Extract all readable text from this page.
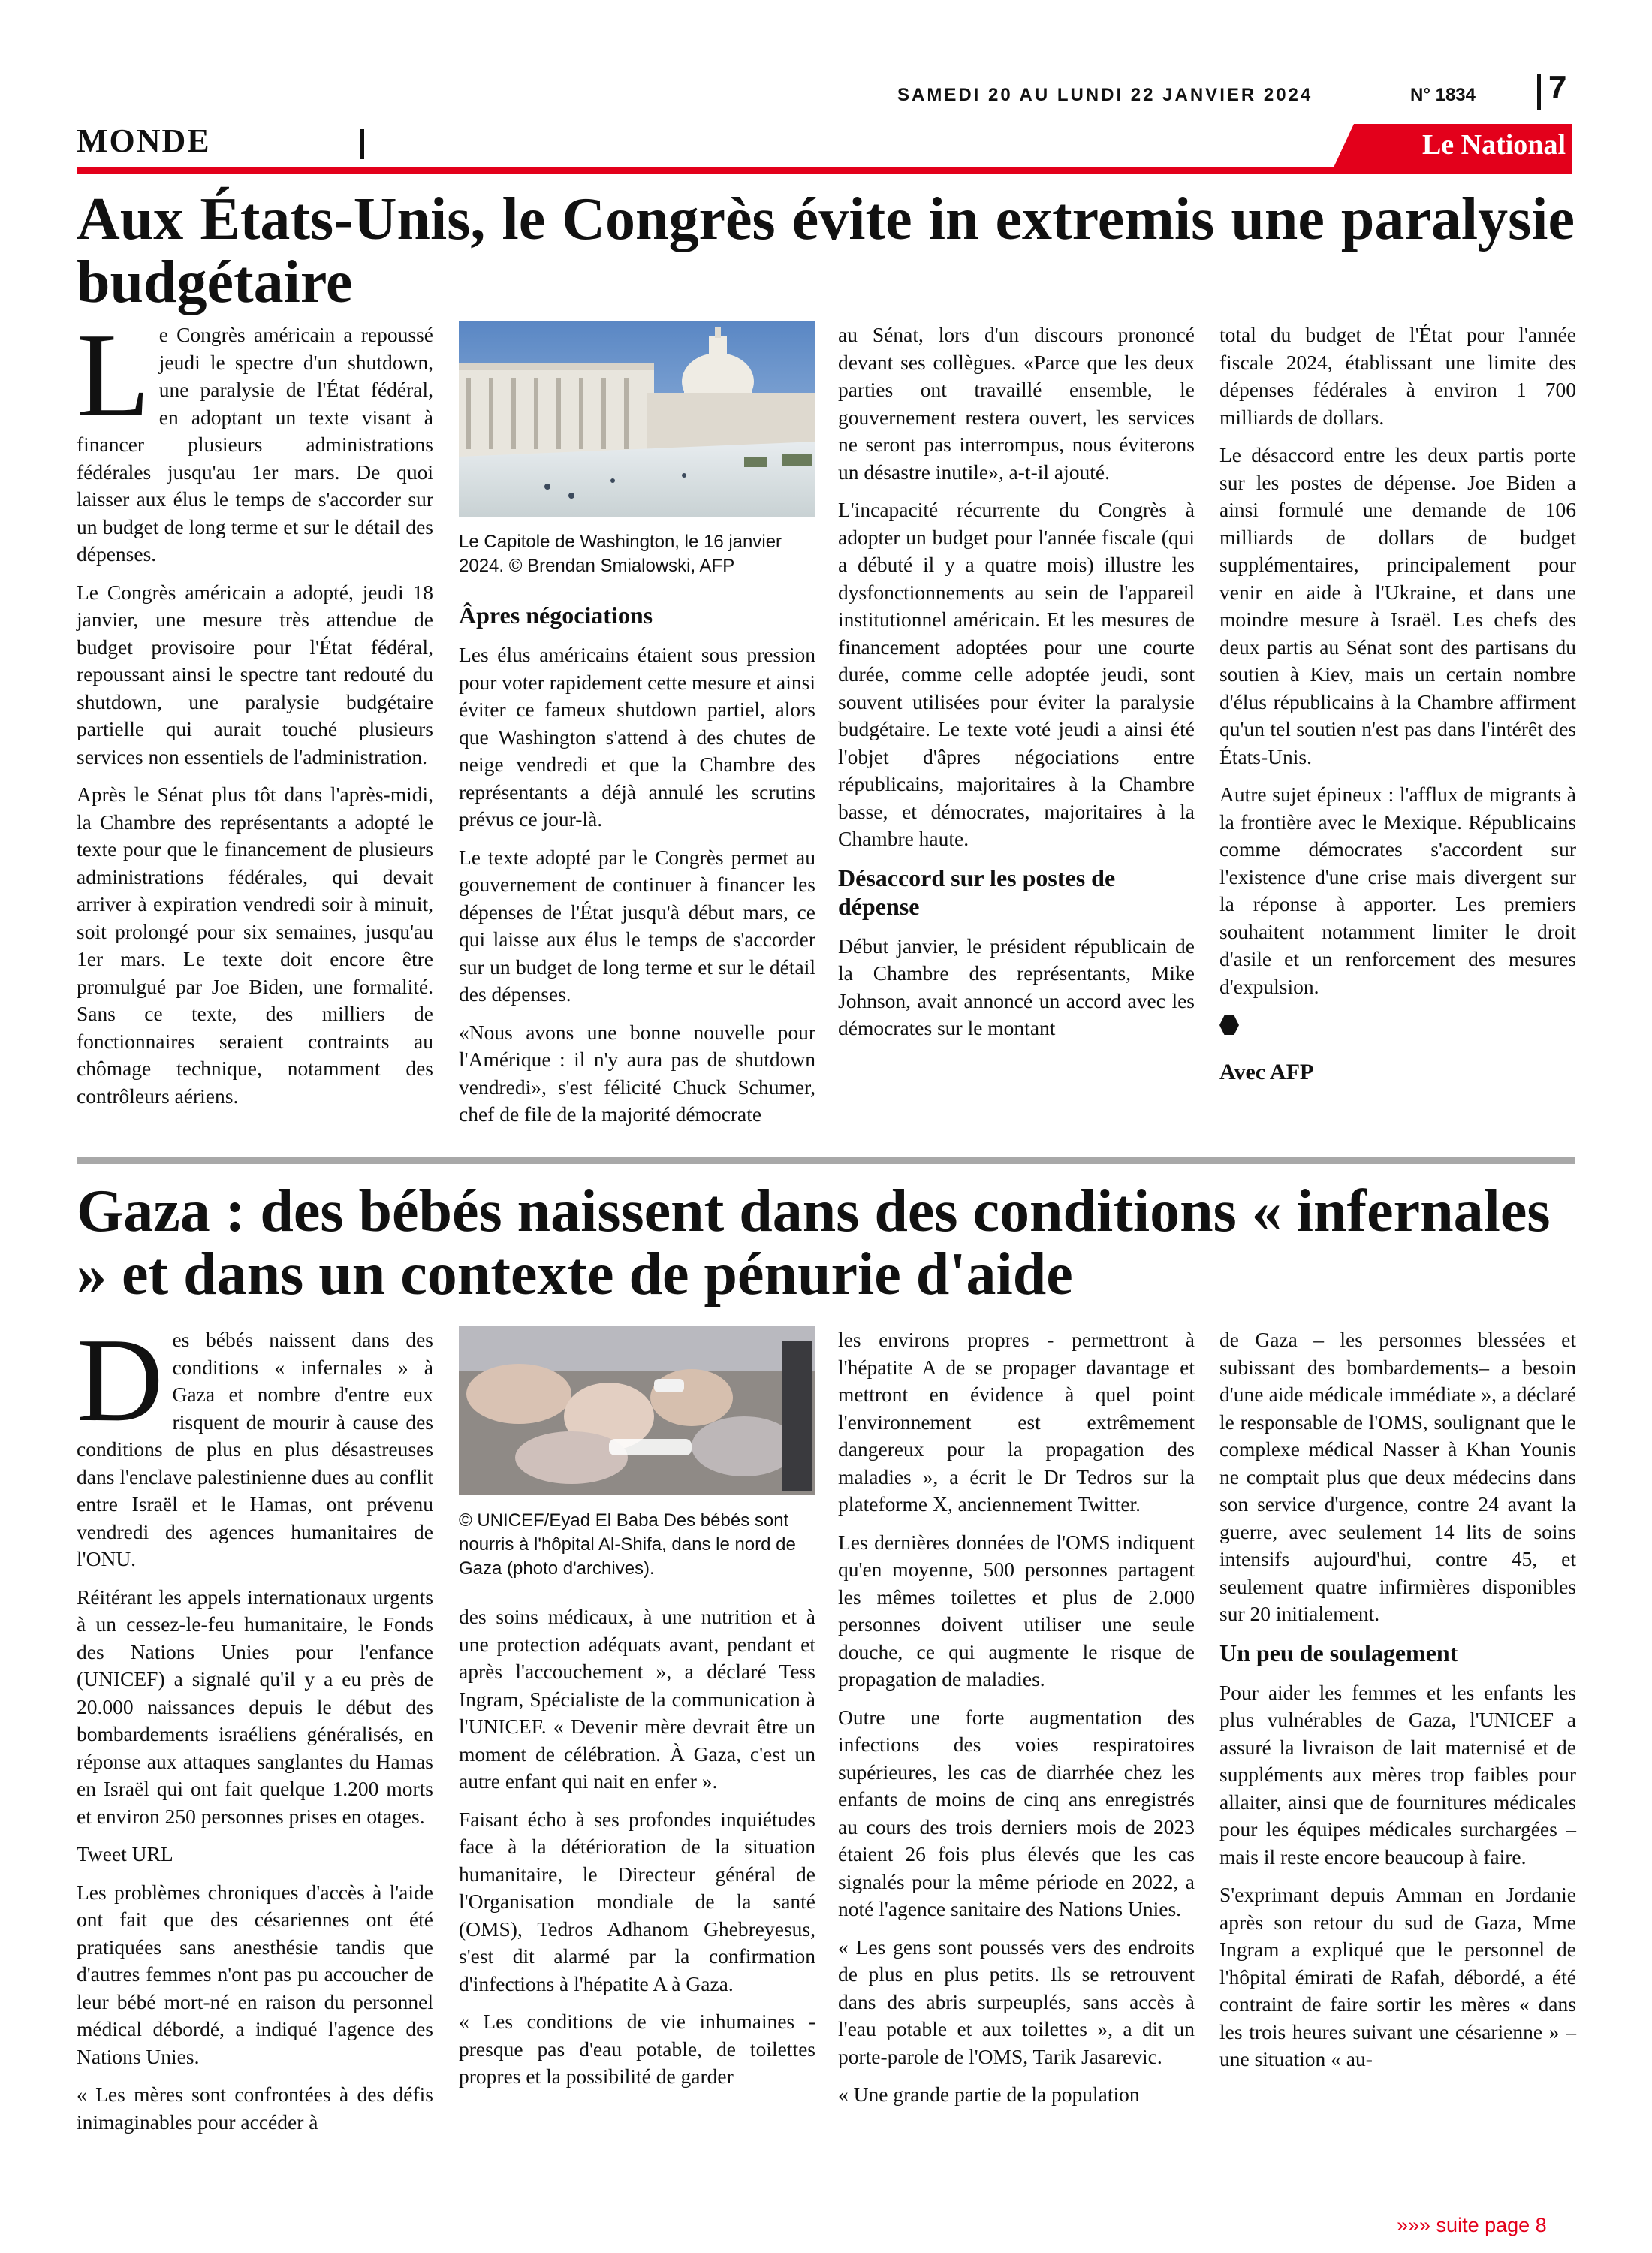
SAMEDI 20 AU LUNDI 22 JANVIER 2024	N° 1834 7
MONDE	Le National
Aux États-Unis, le Congrès évite in extremis une paralysie budgétaire

Le Congrès américain a repoussé jeudi le spectre d'un shutdown, une paralysie de l'État fédéral, en adoptant un texte visant à financer plusieurs administrations fédérales jusqu'au 1er mars. De quoi laisser aux élus le temps de s'accorder sur un budget de long terme et sur le détail des dépenses.

Le Congrès américain a adopté, jeudi 18 janvier, une mesure très attendue de budget provisoire pour l'État fédéral, repoussant ainsi le spectre tant redouté du shutdown, une paralysie budgétaire partielle qui aurait touché plusieurs services non essentiels de l'administration.

Après le Sénat plus tôt dans l'après-midi, la Chambre des représentants a adopté le texte pour que le financement de plusieurs administrations fédérales, qui devait arriver à expiration vendredi soir à minuit, soit prolongé pour six semaines, jusqu'au 1er mars. Le texte doit encore être promulgué par Joe Biden, une formalité. Sans ce texte, des milliers de fonctionnaires seraient contraints au chômage technique, notamment des contrôleurs aériens.

Le Capitole de Washington, le 16 janvier 2024. © Brendan Smialowski, AFP
Âpres négociations

Les élus américains étaient sous pression pour voter rapidement cette mesure et ainsi éviter ce fameux shutdown partiel, alors que Washington s'attend à des chutes de neige vendredi et que la Chambre des représentants a déjà annulé les scrutins prévus ce jour-là.

Le texte adopté par le Congrès permet au gouvernement de continuer à financer les dépenses de l'État jusqu'à début mars, ce qui laisse aux élus le temps de s'accorder sur un budget de long terme et sur le détail des dépenses.

«Nous avons une bonne nouvelle pour l'Amérique : il n'y aura pas de shutdown vendredi», s'est félicité Chuck Schumer, chef de file de la majorité démocrate

au Sénat, lors d'un discours prononcé devant ses collègues. «Parce que les deux parties ont travaillé ensemble, le gouvernement restera ouvert, les services ne seront pas interrompus, nous éviterons un désastre inutile», a-t-il ajouté.

L'incapacité récurrente du Congrès à adopter un budget pour l'année fiscale (qui a débuté il y a quatre mois) illustre les dysfonctionnements au sein de l'appareil institutionnel américain. Et les mesures de financement adoptées pour une courte durée, comme celle adoptée jeudi, sont souvent utilisées pour éviter la paralysie budgétaire. Le texte voté jeudi a ainsi été l'objet d'âpres négociations entre républicains, majoritaires à la Chambre basse, et démocrates, majoritaires à la Chambre haute.

Désaccord sur les postes de dépense

Début janvier, le président républicain de la Chambre des représentants, Mike Johnson, avait annoncé un accord avec les démocrates sur le montant

total du budget de l'État pour l'année fiscale 2024, établissant une limite des dépenses fédérales à environ 1 700 milliards de dollars.

Le désaccord entre les deux partis porte sur les postes de dépense. Joe Biden a ainsi formulé une demande de 106 milliards de dollars de budget supplémentaires, principalement pour venir en aide à l'Ukraine, et dans une moindre mesure à Israël. Les chefs des deux partis au Sénat sont des partisans du soutien à Kiev, mais un certain nombre d'élus républicains à la Chambre affirment qu'un tel soutien n'est pas dans l'intérêt des États-Unis.

Autre sujet épineux : l'afflux de migrants à la frontière avec le Mexique. Républicains comme démocrates s'accordent sur l'existence d'une crise mais divergent sur la réponse à apporter. Les premiers souhaitent notamment limiter le droit d'asile et un renforcement des mesures d'expulsion.

Avec AFP
Gaza : des bébés naissent dans des conditions « infernales » et dans un contexte de pénurie d'aide

Des bébés naissent dans des conditions « infernales » à Gaza et nombre d'entre eux risquent de mourir à cause des conditions de plus en plus désastreuses dans l'enclave palestinienne dues au conflit entre Israël et le Hamas, ont prévenu vendredi des agences humanitaires de l'ONU.

Réitérant les appels internationaux urgents à un cessez-le-feu humanitaire, le Fonds des Nations Unies pour l'enfance (UNICEF) a signalé qu'il y a eu près de 20.000 naissances depuis le début des bombardements israéliens généralisés, en réponse aux attaques sanglantes du Hamas en Israël qui ont fait quelque 1.200 morts et environ 250 personnes prises en otages.

Tweet URL

Les problèmes chroniques d'accès à l'aide ont fait que des césariennes ont été pratiquées sans anesthésie tandis que d'autres femmes n'ont pas pu accoucher de leur bébé mort-né en raison du personnel médical débordé, a indiqué l'agence des Nations Unies.

« Les mères sont confrontées à des défis inimaginables pour accéder à

© UNICEF/Eyad El Baba Des bébés sont nourris à l'hôpital Al-Shifa, dans le nord de Gaza (photo d'archives).

des soins médicaux, à une nutrition et à une protection adéquats avant, pendant et après l'accouchement », a déclaré Tess Ingram, Spécialiste de la communication à l'UNICEF. « Devenir mère devrait être un moment de célébration. À Gaza, c'est un autre enfant qui nait en enfer ».

Faisant écho à ses profondes inquiétudes face à la détérioration de la situation humanitaire, le Directeur général de l'Organisation mondiale de la santé (OMS), Tedros Adhanom Ghebreyesus, s'est dit alarmé par la confirmation d'infections à l'hépatite A à Gaza.

« Les conditions de vie inhumaines - presque pas d'eau potable, de toilettes propres et la possibilité de garder

les environs propres - permettront à l'hépatite A de se propager davantage et mettront en évidence à quel point l'environnement est extrêmement dangereux pour la propagation des maladies », a écrit le Dr Tedros sur la plateforme X, anciennement Twitter.

Les dernières données de l'OMS indiquent qu'en moyenne, 500 personnes partagent les mêmes toilettes et plus de 2.000 personnes doivent utiliser une seule douche, ce qui augmente le risque de propagation de maladies.

Outre une forte augmentation des infections des voies respiratoires supérieures, les cas de diarrhée chez les enfants de moins de cinq ans enregistrés au cours des trois derniers mois de 2023 étaient 26 fois plus élevés que les cas signalés pour la même période en 2022, a noté l'agence sanitaire des Nations Unies.

« Les gens sont poussés vers des endroits de plus en plus petits. Ils se retrouvent dans des abris surpeuplés, sans accès à l'eau potable et aux toilettes », a dit un porte-parole de l'OMS, Tarik Jasarevic.

« Une grande partie de la population

de Gaza – les personnes blessées et subissant des bombardements– a besoin d'une aide médicale immédiate », a déclaré le responsable de l'OMS, soulignant que le complexe médical Nasser à Khan Younis ne comptait plus que deux médecins dans son service d'urgence, contre 24 avant la guerre, avec seulement 14 lits de soins intensifs aujourd'hui, contre 45, et seulement quatre infirmières disponibles sur 20 initialement.

Un peu de soulagement

Pour aider les femmes et les enfants les plus vulnérables de Gaza, l'UNICEF a assuré la livraison de lait maternisé et de suppléments aux mères trop faibles pour allaiter, ainsi que de fournitures médicales pour les équipes médicales surchargées – mais il reste encore beaucoup à faire.

S'exprimant depuis Amman en Jordanie après son retour du sud de Gaza, Mme Ingram a expliqué que le personnel de l'hôpital émirati de Rafah, débordé, a été contraint de faire sortir les mères « dans les trois heures suivant une césarienne » – une situation « au-

»»» suite page 8
